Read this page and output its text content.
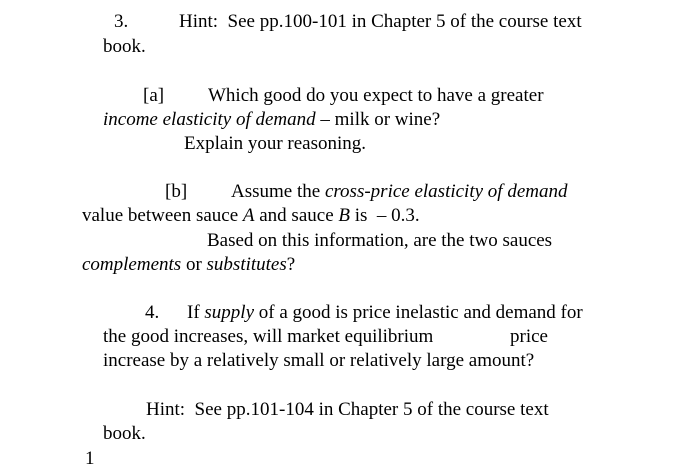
3.	Hint:  See pp.100-101 in Chapter 5 of the course text
book.
[a] Which good do you expect to have a greater
income elasticity of demand – milk or wine?
Explain your reasoning.
[b] Assume the cross-price elasticity of demand
value between sauce A and sauce B is  – 0.3.
Based on this information, are the two sauces
complements or substitutes?
4. If supply of a good is price inelastic and demand for
the good increases, will market equilibrium	price
increase by a relatively small or relatively large amount?
Hint:  See pp.101-104 in Chapter 5 of the course text
book.
1
